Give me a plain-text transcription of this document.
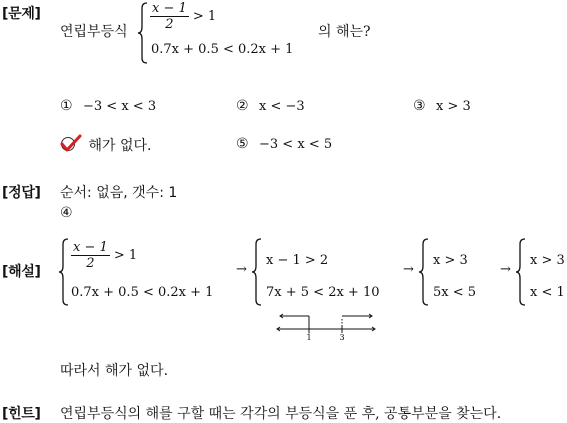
[문제]
연립부등식 $\frac{x - 1}{2} > 1$
0.7x + 0.5 < 0.2x + 1
의 해는?
① −3 < x < 3	② x < −3	③ x > 3
해가 없다.	⑤ −3 < x < 5
[정답] 순서: 없음, 갯수: 1
④
[해설]
$\frac{x - 1}{2} > 1$
0.7x + 0.5 < 0.2x + 1
→
x − 1 > 2
7x + 5 < 2x + 10
→
x > 3
5x < 5
→
x > 3
x < 1
1	3
따라서 해가 없다.
[힌트] 연립부등식의 해를 구할 때는 각각의 부등식을 푼 후, 공통부분을 찾는다.
